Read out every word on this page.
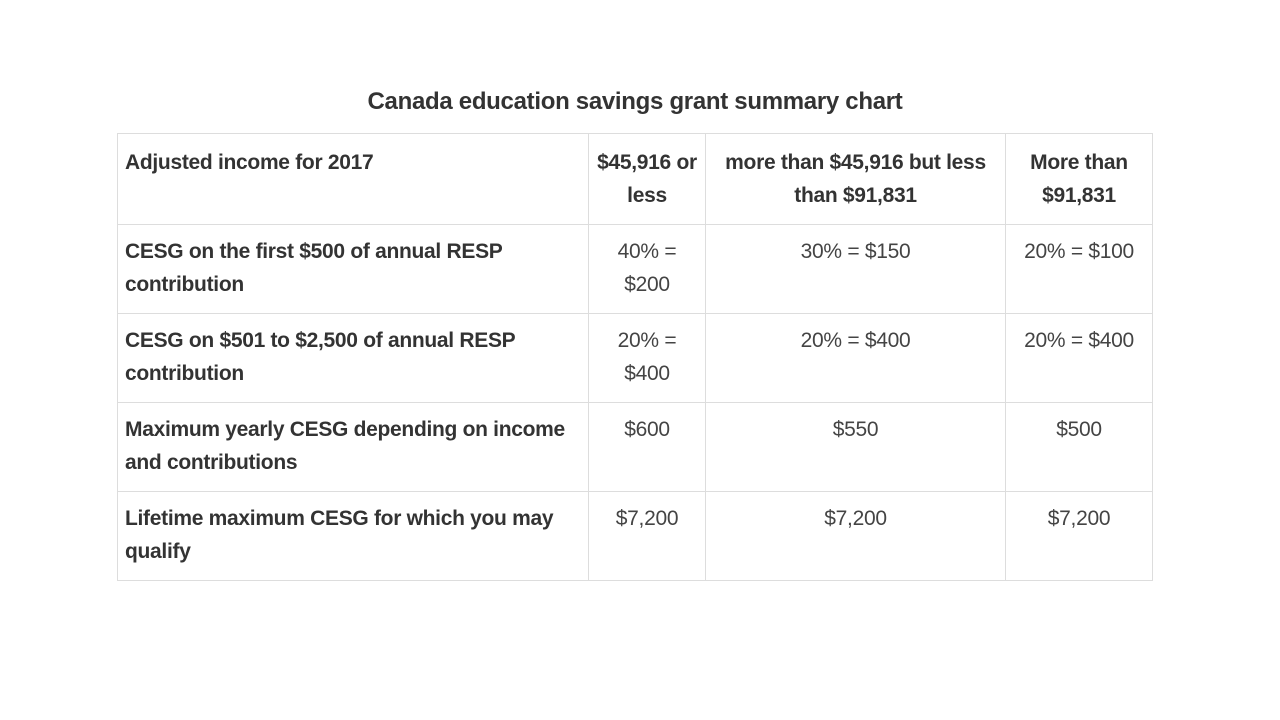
Canada education savings grant summary chart
Adjusted income for 2017	$45,916 or less	more than $45,916 but less than $91,831	More than $91,831
CESG on the first $500 of annual RESP contribution	40% = $200	30% = $150	20% = $100
CESG on $501 to $2,500 of annual RESP contribution	20% = $400	20% = $400	20% = $400
Maximum yearly CESG depending on income and contributions	$600	$550	$500
Lifetime maximum CESG for which you may qualify	$7,200	$7,200	$7,200
